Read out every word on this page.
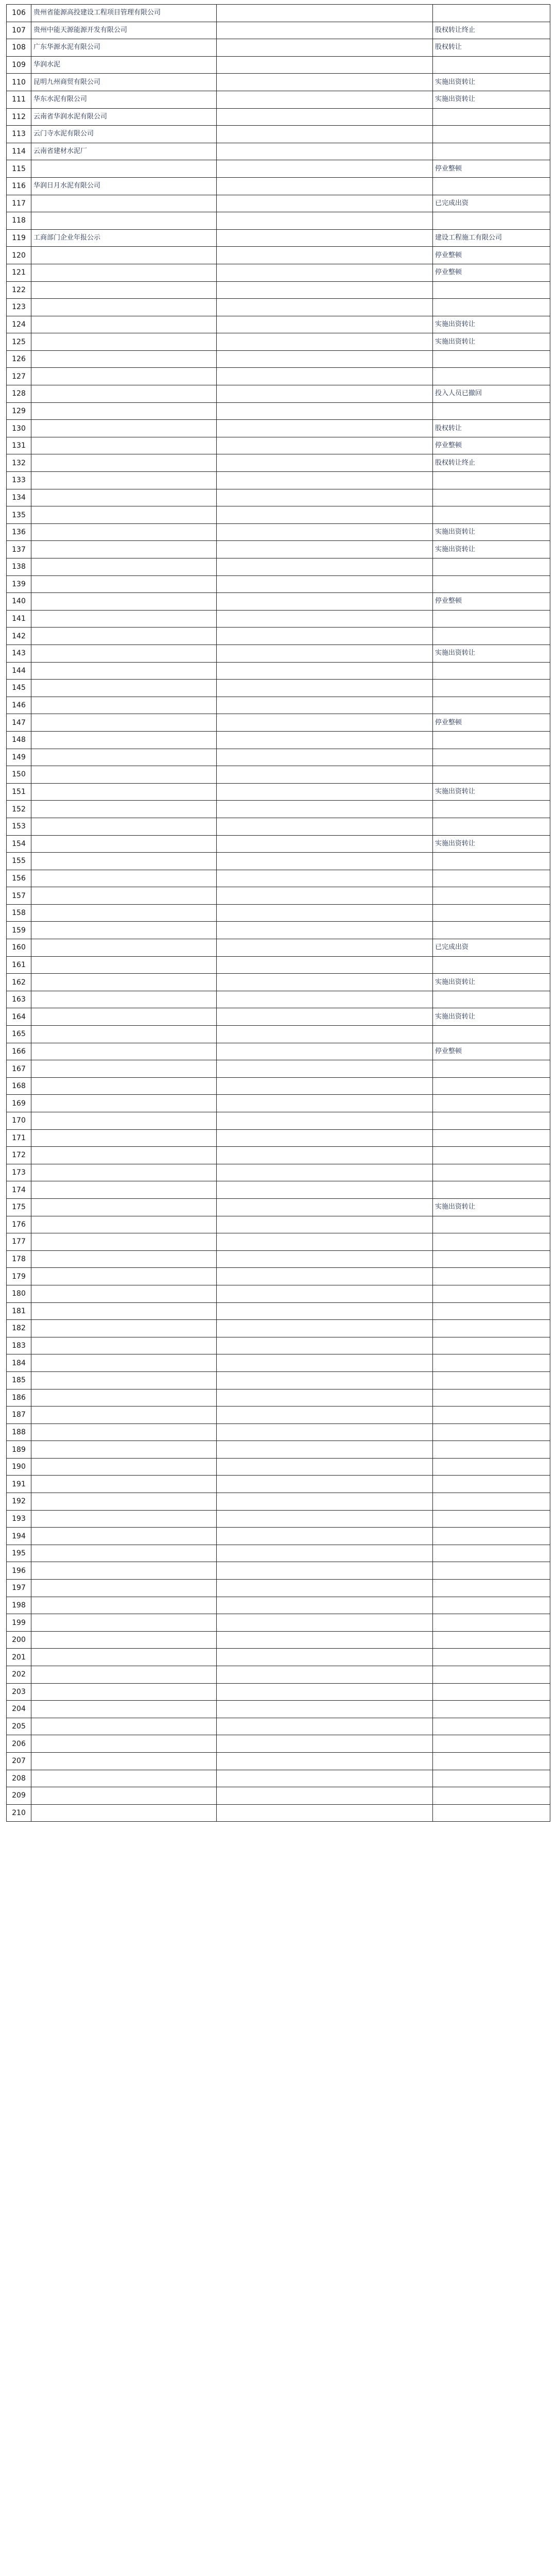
106	贵州省能源高投建设工程项目管理有限公司		
107	贵州中能天源能源开发有限公司		股权转让终止
108	广东华源水泥有限公司		股权转让
109	华润水泥		
110	昆明九州商贸有限公司		实施出资转让
111	华东水泥有限公司		实施出资转让
112	云南省华润水泥有限公司		
113	云门寺水泥有限公司		
114	云南省建材水泥厂		
115			停业整顿
116	华润日月水泥有限公司		
117			已完成出资
118			
119	工商部门企业年报公示		建设工程施工有限公司
120			停业整顿
121			停业整顿
122			
123			
124			实施出资转让
125			实施出资转让
126			
127			
128			投入人员已撤回
129			
130			股权转让
131			停业整顿
132			股权转让终止
133			
134			
135			
136			实施出资转让
137			实施出资转让
138			
139			
140			停业整顿
141			
142			
143			实施出资转让
144			
145			
146			
147			停业整顿
148			
149			
150			
151			实施出资转让
152			
153			
154			实施出资转让
155			
156			
157			
158			
159			
160			已完成出资
161			
162			实施出资转让
163			
164			实施出资转让
165			
166			停业整顿
167			
168			
169			
170			
171			
172			
173			
174			
175			实施出资转让
176			
177			
178			
179			
180			
181			
182			
183			
184			
185			
186			
187			
188			
189			
190			
191			
192			
193			
194			
195			
196			
197			
198			
199			
200			
201			
202			
203			
204			
205			
206			
207			
208			
209			
210			
